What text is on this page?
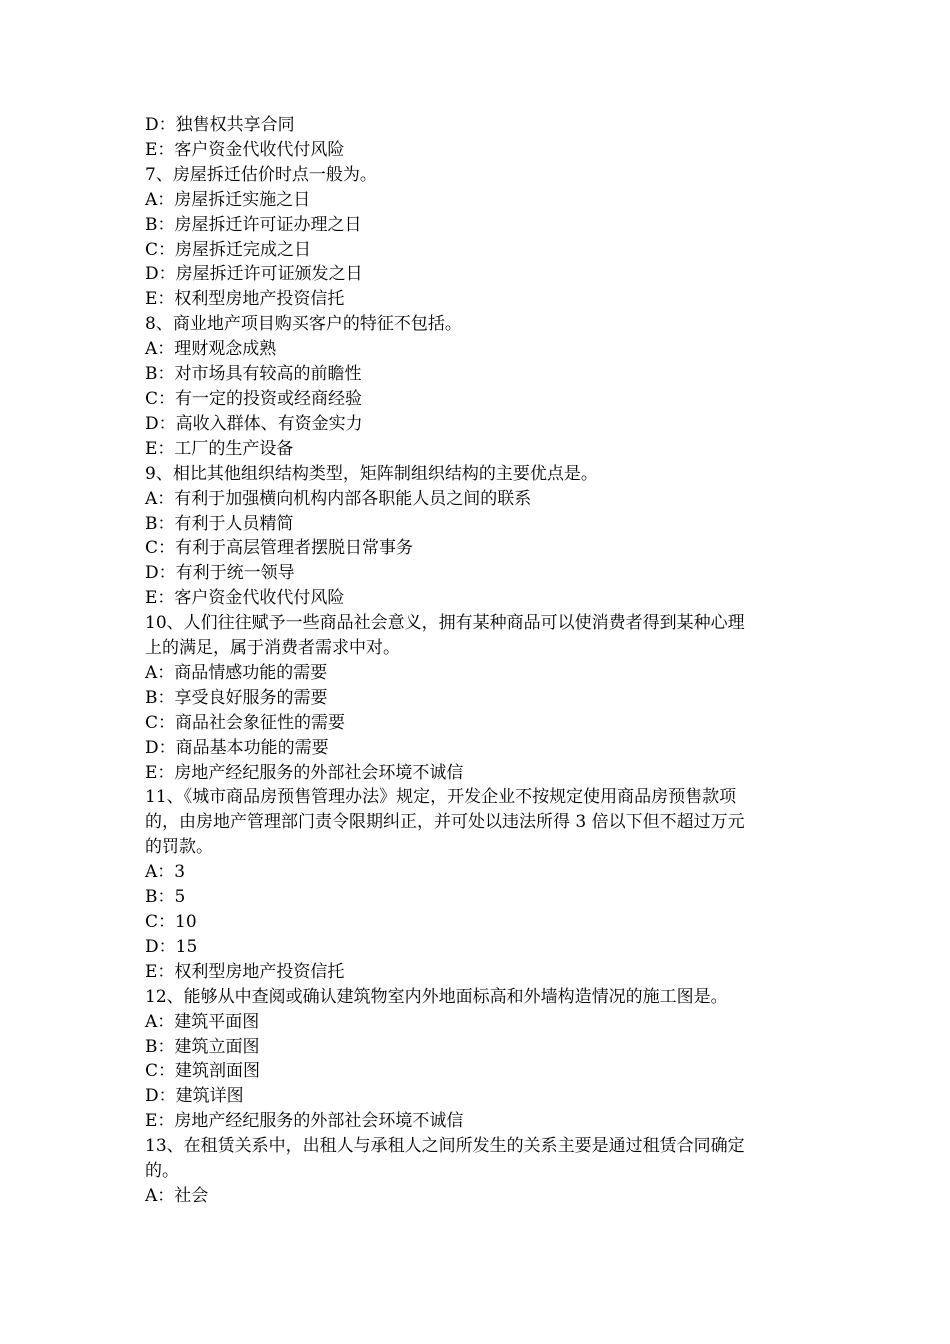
D：独售权共享合同
E：客户资金代收代付风险
7、房屋拆迁估价时点一般为。
A：房屋拆迁实施之日
B：房屋拆迁许可证办理之日
C：房屋拆迁完成之日
D：房屋拆迁许可证颁发之日
E：权利型房地产投资信托
8、商业地产项目购买客户的特征不包括。
A：理财观念成熟
B：对市场具有较高的前瞻性
C：有一定的投资或经商经验
D：高收入群体、有资金实力
E：工厂的生产设备
9、相比其他组织结构类型，矩阵制组织结构的主要优点是。
A：有利于加强横向机构内部各职能人员之间的联系
B：有利于人员精简
C：有利于高层管理者摆脱日常事务
D：有利于统一领导
E：客户资金代收代付风险
10、人们往往赋予一些商品社会意义，拥有某种商品可以使消费者得到某种心理
上的满足，属于消费者需求中对。
A：商品情感功能的需要
B：享受良好服务的需要
C：商品社会象征性的需要
D：商品基本功能的需要
E：房地产经纪服务的外部社会环境不诚信
11、《城市商品房预售管理办法》规定，开发企业不按规定使用商品房预售款项
的，由房地产管理部门责令限期纠正，并可处以违法所得 3 倍以下但不超过万元
的罚款。
A：3
B：5
C：10
D：15
E：权利型房地产投资信托
12、能够从中查阅或确认建筑物室内外地面标高和外墙构造情况的施工图是。
A：建筑平面图
B：建筑立面图
C：建筑剖面图
D：建筑详图
E：房地产经纪服务的外部社会环境不诚信
13、在租赁关系中，出租人与承租人之间所发生的关系主要是通过租赁合同确定
的。
A：社会
